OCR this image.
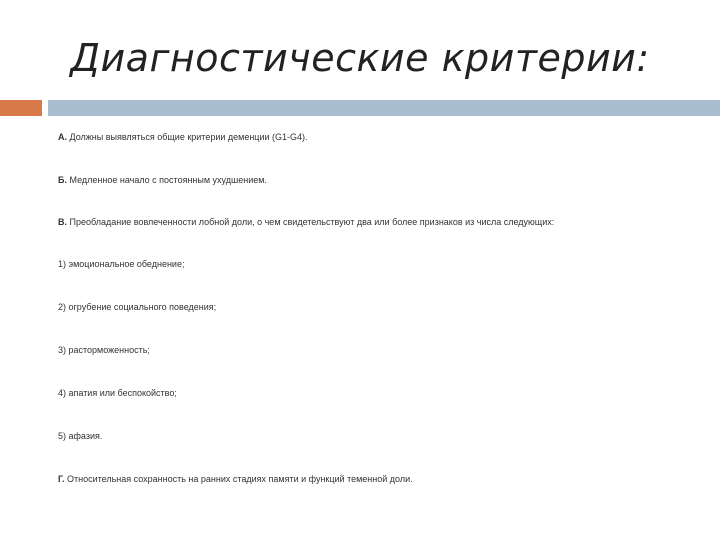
Диагностические критерии:
А. Должны выявляться общие критерии деменции (G1-G4).
Б. Медленное начало с постоянным ухудшением.
В. Преобладание вовлеченности лобной доли, о чем свидетельствуют два или более признаков из числа следующих:
1) эмоциональное обеднение;
2) огрубение социального поведения;
3) расторможенность;
4) апатия или беспокойство;
5) афазия.
Г. Относительная сохранность на ранних стадиях памяти и функций теменной доли.
